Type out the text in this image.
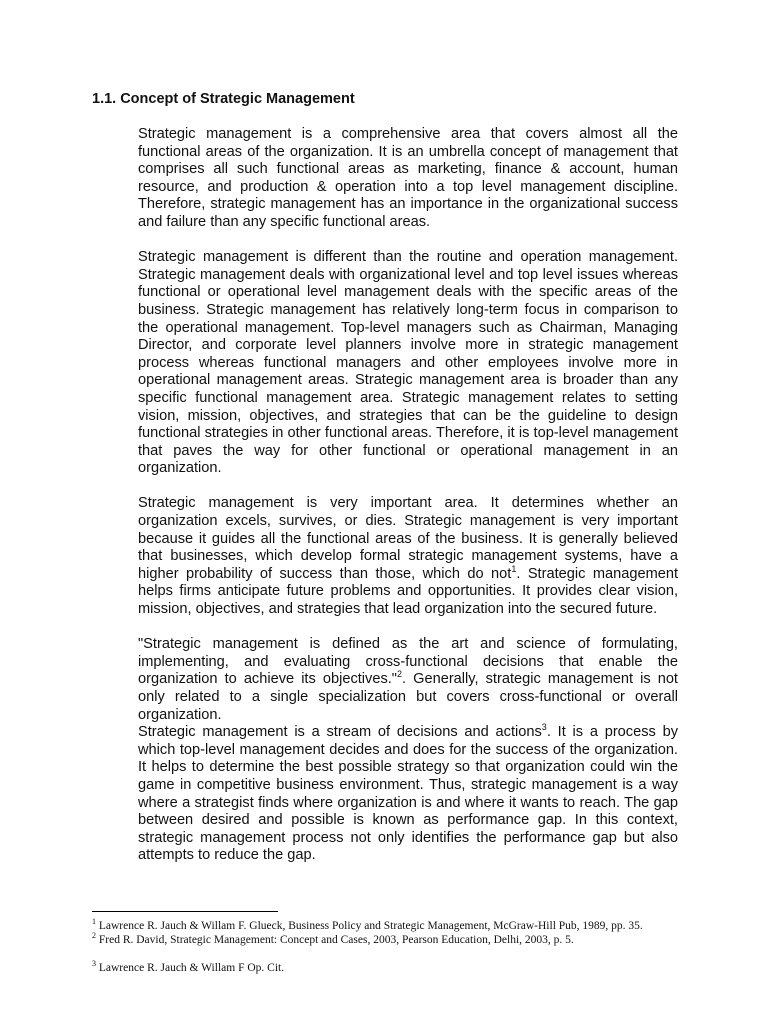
1.1. Concept of Strategic Management

Strategic management is a comprehensive area that covers almost all the functional areas of the organization. It is an umbrella concept of management that comprises all such functional areas as marketing, finance & account, human resource, and production & operation into a top level management discipline. Therefore, strategic management has an importance in the organizational success and failure than any specific functional areas.

Strategic management is different than the routine and operation management. Strategic management deals with organizational level and top level issues whereas functional or operational level management deals with the specific areas of the business. Strategic management has relatively long-term focus in comparison to the operational management. Top-level managers such as Chairman, Managing Director, and corporate level planners involve more in strategic management process whereas functional managers and other employees involve more in operational management areas. Strategic management area is broader than any specific functional management area. Strategic management relates to setting vision, mission, objectives, and strategies that can be the guideline to design functional strategies in other functional areas. Therefore, it is top-level management that paves the way for other functional or operational management in an organization.

Strategic management is very important area. It determines whether an organization excels, survives, or dies. Strategic management is very important because it guides all the functional areas of the business. It is generally believed that businesses, which develop formal strategic management systems, have a higher probability of success than those, which do not$^1$. Strategic management helps firms anticipate future problems and opportunities. It provides clear vision, mission, objectives, and strategies that lead organization into the secured future.

"Strategic management is defined as the art and science of formulating, implementing, and evaluating cross-functional decisions that enable the organization to achieve its objectives."$^2$. Generally, strategic management is not only related to a single specialization but covers cross-functional or overall organization.

Strategic management is a stream of decisions and actions$^3$. It is a process by which top-level management decides and does for the success of the organization. It helps to determine the best possible strategy so that organization could win the game in competitive business environment. Thus, strategic management is a way where a strategist finds where organization is and where it wants to reach. The gap between desired and possible is known as performance gap. In this context, strategic management process not only identifies the performance gap but also attempts to reduce the gap.

$^1$ Lawrence R. Jauch & Willam F. Glueck, Business Policy and Strategic Management, McGraw-Hill Pub, 1989, pp. 35.

$^2$ Fred R. David, Strategic Management: Concept and Cases, 2003, Pearson Education, Delhi, 2003, p. 5.

$^3$ Lawrence R. Jauch & Willam F Op. Cit.
